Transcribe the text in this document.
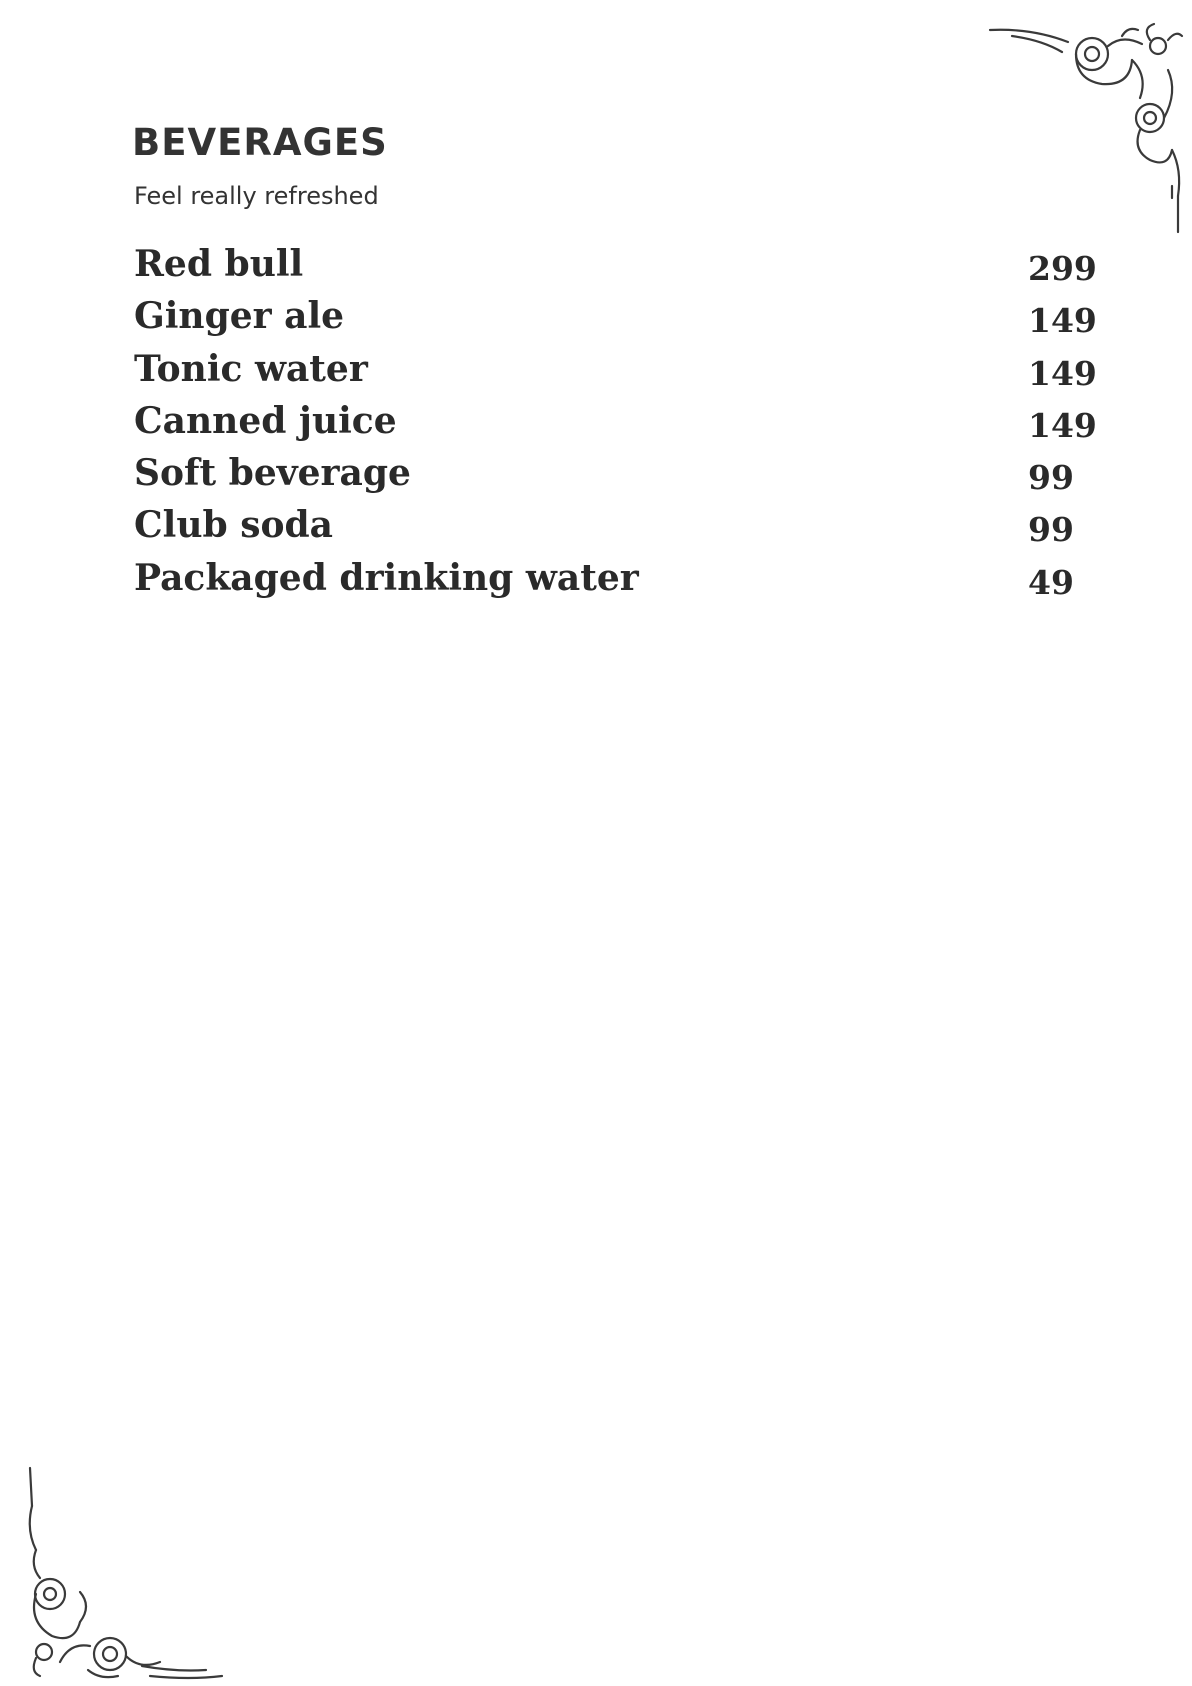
BEVERAGES

Feel really refreshed

Red bull	299
Ginger ale	149
Tonic water	149
Canned juice	149
Soft beverage	99
Club soda	99
Packaged drinking water	49
